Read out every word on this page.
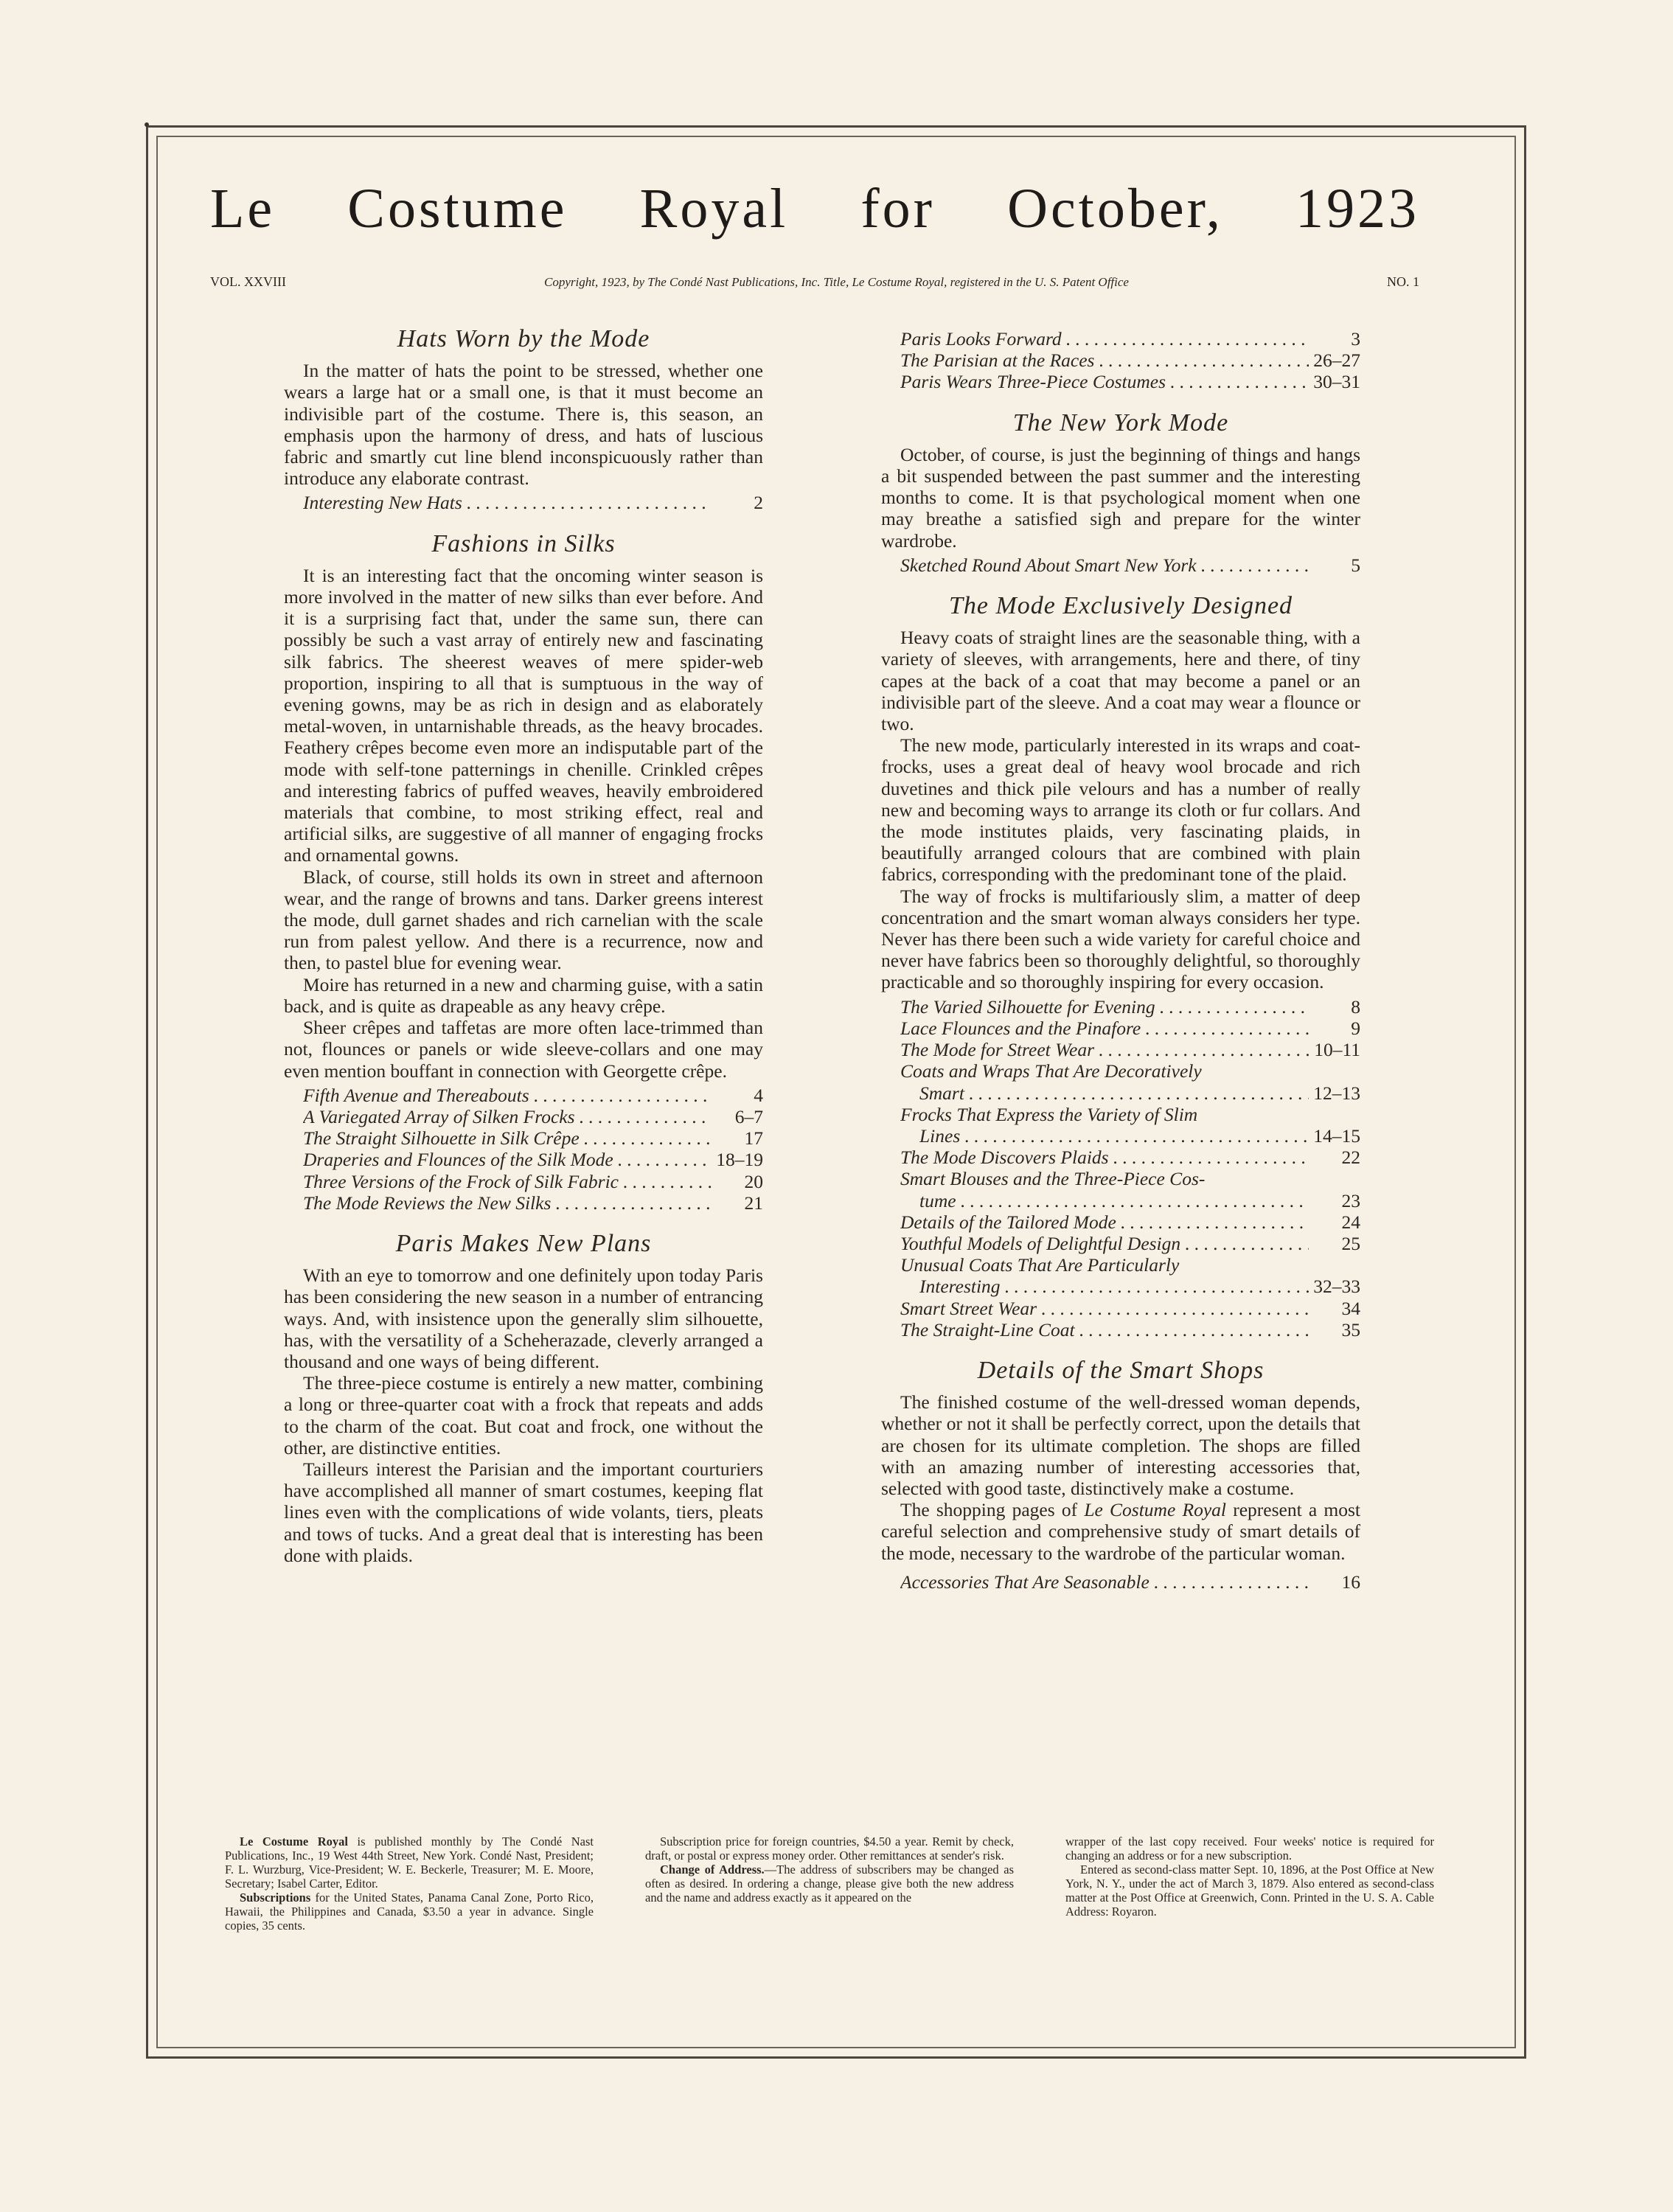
Le Costume Royal for October, 1923
VOL. XXVIII	Copyright, 1923, by The Condé Nast Publications, Inc. Title, Le Costume Royal, registered in the U. S. Patent Office	NO. 1
Hats Worn by the Mode

In the matter of hats the point to be stressed, whether one wears a large hat or a small one, is that it must become an indivisible part of the costume. There is, this season, an emphasis upon the harmony of dress, and hats of luscious fabric and smartly cut line blend inconspicuously rather than introduce any elaborate contrast.

Interesting New Hats . . .	2
Fashions in Silks

It is an interesting fact that the oncoming winter season is more involved in the matter of new silks than ever before. And it is a surprising fact that, under the same sun, there can possibly be such a vast array of entirely new and fascinating silk fabrics. The sheerest weaves of mere spider-web proportion, inspiring to all that is sumptuous in the way of evening gowns, may be as rich in design and as elaborately metal-woven, in untarnishable threads, as the heavy brocades. Feathery crêpes become even more an indisputable part of the mode with self-tone patternings in chenille. Crinkled crêpes and interesting fabrics of puffed weaves, heavily embroidered materials that combine, to most striking effect, real and artificial silks, are suggestive of all manner of engaging frocks and ornamental gowns.

Black, of course, still holds its own in street and afternoon wear, and the range of browns and tans. Darker greens interest the mode, dull garnet shades and rich carnelian with the scale run from palest yellow. And there is a recurrence, now and then, to pastel blue for evening wear.

Moire has returned in a new and charming guise, with a satin back, and is quite as drapeable as any heavy crêpe.

Sheer crêpes and taffetas are more often lace-trimmed than not, flounces or panels or wide sleeve-collars and one may even mention bouffant in connection with Georgette crêpe.

Fifth Avenue and Thereabouts . . .	4
A Variegated Array of Silken Frocks . . .	6–7
The Straight Silhouette in Silk Crêpe . . .	17
Draperies and Flounces of the Silk Mode . . .	18–19
Three Versions of the Frock of Silk Fabric . . .	20
The Mode Reviews the New Silks . . .	21
Paris Makes New Plans

With an eye to tomorrow and one definitely upon today Paris has been considering the new season in a number of entrancing ways. And, with insistence upon the generally slim silhouette, has, with the versatility of a Scheherazade, cleverly arranged a thousand and one ways of being different.

The three-piece costume is entirely a new matter, combining a long or three-quarter coat with a frock that repeats and adds to the charm of the coat. But coat and frock, one without the other, are distinctive entities.

Tailleurs interest the Parisian and the important courturiers have accomplished all manner of smart costumes, keeping flat lines even with the complications of wide volants, tiers, pleats and tows of tucks. And a great deal that is interesting has been done with plaids.

Paris Looks Forward . . .	3
The Parisian at the Races . . .	26–27
Paris Wears Three-Piece Costumes . . .	30–31
The New York Mode

October, of course, is just the beginning of things and hangs a bit suspended between the past summer and the interesting months to come. It is that psychological moment when one may breathe a satisfied sigh and prepare for the winter wardrobe.

Sketched Round About Smart New York . . .	5
The Mode Exclusively Designed

Heavy coats of straight lines are the seasonable thing, with a variety of sleeves, with arrangements, here and there, of tiny capes at the back of a coat that may become a panel or an indivisible part of the sleeve. And a coat may wear a flounce or two.

The new mode, particularly interested in its wraps and coat-frocks, uses a great deal of heavy wool brocade and rich duvetines and thick pile velours and has a number of really new and becoming ways to arrange its cloth or fur collars. And the mode institutes plaids, very fascinating plaids, in beautifully arranged colours that are combined with plain fabrics, corresponding with the predominant tone of the plaid.

The way of frocks is multifariously slim, a matter of deep concentration and the smart woman always considers her type. Never has there been such a wide variety for careful choice and never have fabrics been so thoroughly delightful, so thoroughly practicable and so thoroughly inspiring for every occasion.

The Varied Silhouette for Evening . . .	8
Lace Flounces and the Pinafore . . .	9
The Mode for Street Wear . . .	10–11
Coats and Wraps That Are Decoratively
Smart . . .	12–13
Frocks That Express the Variety of Slim
Lines . . .	14–15
The Mode Discovers Plaids . . .	22
Smart Blouses and the Three-Piece Cos-
tume . . .	23
Details of the Tailored Mode . . .	24
Youthful Models of Delightful Design . . .	25
Unusual Coats That Are Particularly
Interesting . . .	32–33
Smart Street Wear . . .	34
The Straight-Line Coat . . .	35
Details of the Smart Shops

The finished costume of the well-dressed woman depends, whether or not it shall be perfectly correct, upon the details that are chosen for its ultimate completion. The shops are filled with an amazing number of interesting accessories that, selected with good taste, distinctively make a costume.

The shopping pages of Le Costume Royal represent a most careful selection and comprehensive study of smart details of the mode, necessary to the wardrobe of the particular woman.

Accessories That Are Seasonable . . .	16

Le Costume Royal is published monthly by The Condé Nast Publications, Inc., 19 West 44th Street, New York. Condé Nast, President; F. L. Wurzburg, Vice-President; W. E. Beckerle, Treasurer; M. E. Moore, Secretary; Isabel Carter, Editor.

Subscriptions for the United States, Panama Canal Zone, Porto Rico, Hawaii, the Philippines and Canada, $3.50 a year in advance. Single copies, 35 cents.

Subscription price for foreign countries, $4.50 a year. Remit by check, draft, or postal or express money order. Other remittances at sender's risk.

Change of Address.—The address of subscribers may be changed as often as desired. In ordering a change, please give both the new address and the name and address exactly as it appeared on the

wrapper of the last copy received. Four weeks' notice is required for changing an address or for a new subscription.

Entered as second-class matter Sept. 10, 1896, at the Post Office at New York, N. Y., under the act of March 3, 1879. Also entered as second-class matter at the Post Office at Greenwich, Conn. Printed in the U. S. A. Cable Address: Royaron.
